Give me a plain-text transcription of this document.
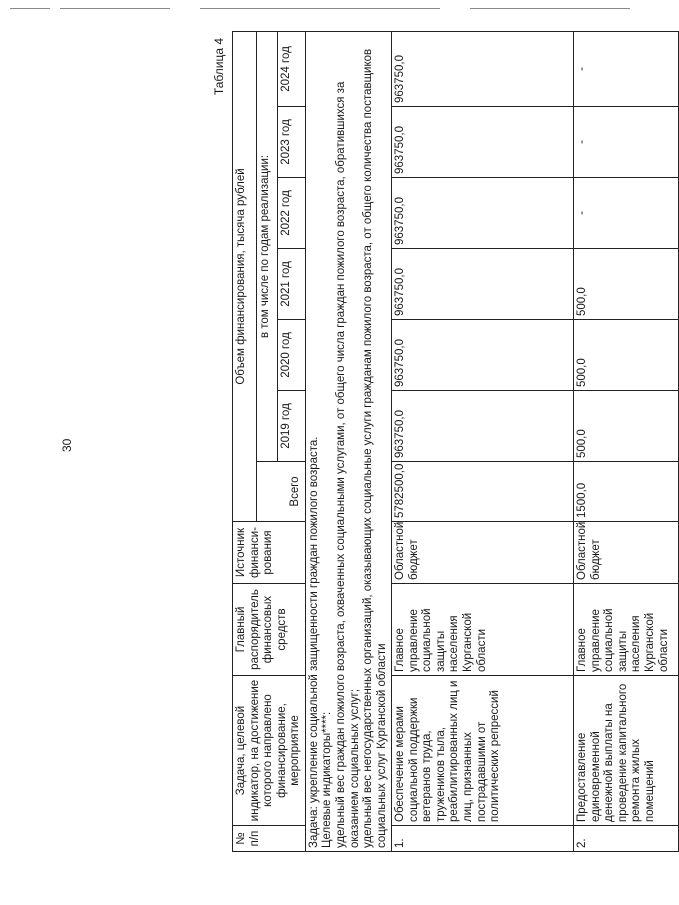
30
Таблица 4
№ п/п	Задача, целевой индикатор, на достижение которого направлено финансирование, мероприятие	Главный распорядитель финансовых средств	Источник финанси-рования	Объем финансирования, тысяча рублей						
				Всего	в том числе по годам реализации:					
					2019 год	2020 год	2021 год	2022 год	2023 год	2024 год

Задача: укрепление социальной защищенности граждан пожилого возраста. Целевые индикаторы****: удельный вес граждан пожилого возраста, охваченных социальными услугами, от общего числа граждан пожилого возраста, обратившихся за оказанием социальных услуг; удельный вес негосударственных организаций, оказывающих социальные услуги гражданам пожилого возраста, от общего количества поставщиков социальных услуг Курганской области										

1.	Обеспечение мерами социальной поддержки ветеранов труда, тружеников тыла, реабилитированных лиц и лиц, признанных пострадавшими от политических репрессий	Главное управление социальной защиты населения Курганской области	Областной бюджет	5782500,0	963750,0	963750,0	963750,0	963750,0	963750,0	963750,0
2.	Предоставление единовременной денежной выплаты на проведение капитального ремонта жилых помещений	Главное управление социальной защиты населения Курганской области	Областной бюджет	1500,0	500,0	500,0	500,0	-	-	-
